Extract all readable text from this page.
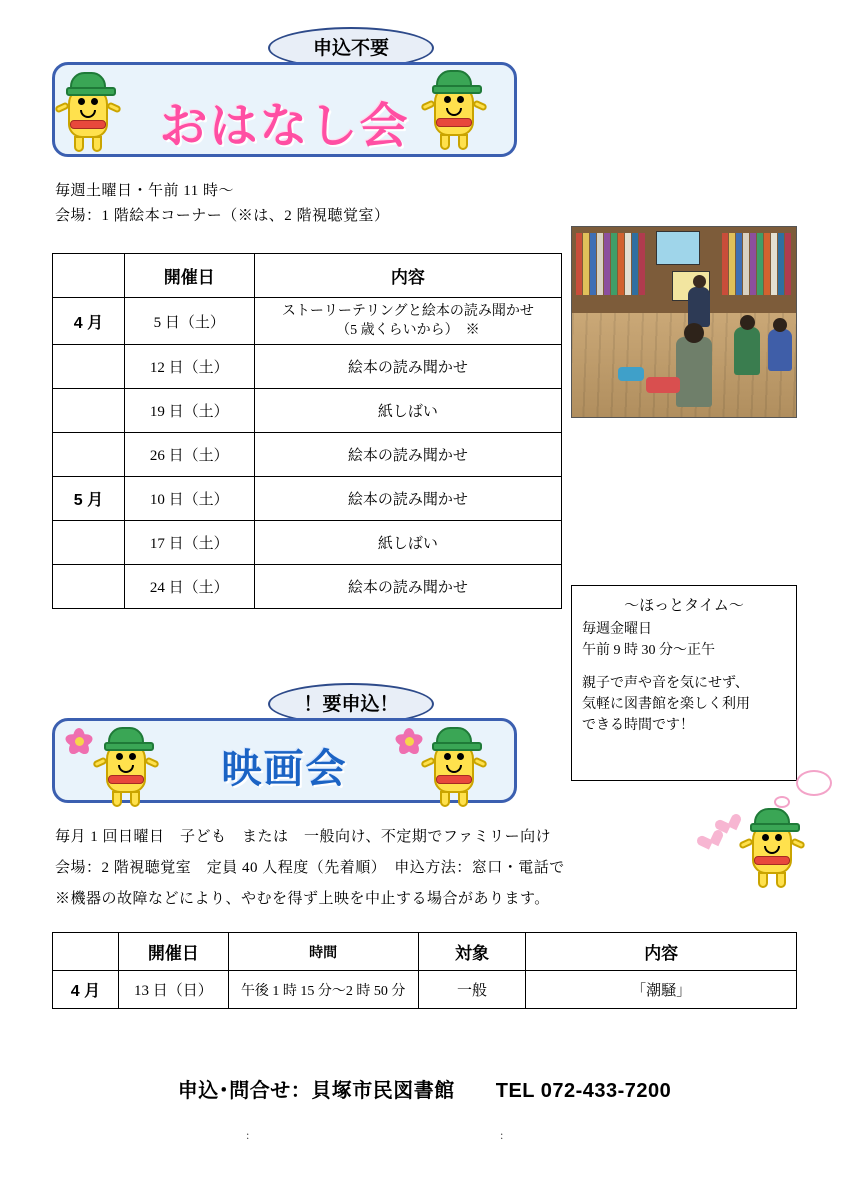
申込不要
おはなし会
毎週土曜日・午前 11 時〜
会場：1 階絵本コーナー（※は、2 階視聴覚室）
	開催日	内容
4 月	5 日（土）	ストーリーテリングと絵本の読み聞かせ
（5 歳くらいから）　※

	12 日（土）	絵本の読み聞かせ
	19 日（土）	紙しばい
	26 日（土）	絵本の読み聞かせ
5 月	10 日（土）	絵本の読み聞かせ
	17 日（土）	紙しばい
	24 日（土）	絵本の読み聞かせ
〜ほっとタイム〜

毎週金曜日

午前 9 時 30 分〜正午

親子で声や音を気にせず、

気軽に図書館を楽しく利用

できる時間です！

！要申込！
映画会
毎月 1 回日曜日　子ども　または　一般向け、不定期でファミリー向け
会場：2 階視聴覚室　定員 40 人程度（先着順）　申込方法：窓口・電話で
※機器の故障などにより、やむを得ず上映を中止する場合があります。
	開催日	時間	対象	内容
4 月	13 日（日）	午後 1 時 15 分〜2 時 50 分	一般	「潮騒」
申込･問合せ：貝塚市民図書館　　TEL 072-433-7200
:	:
